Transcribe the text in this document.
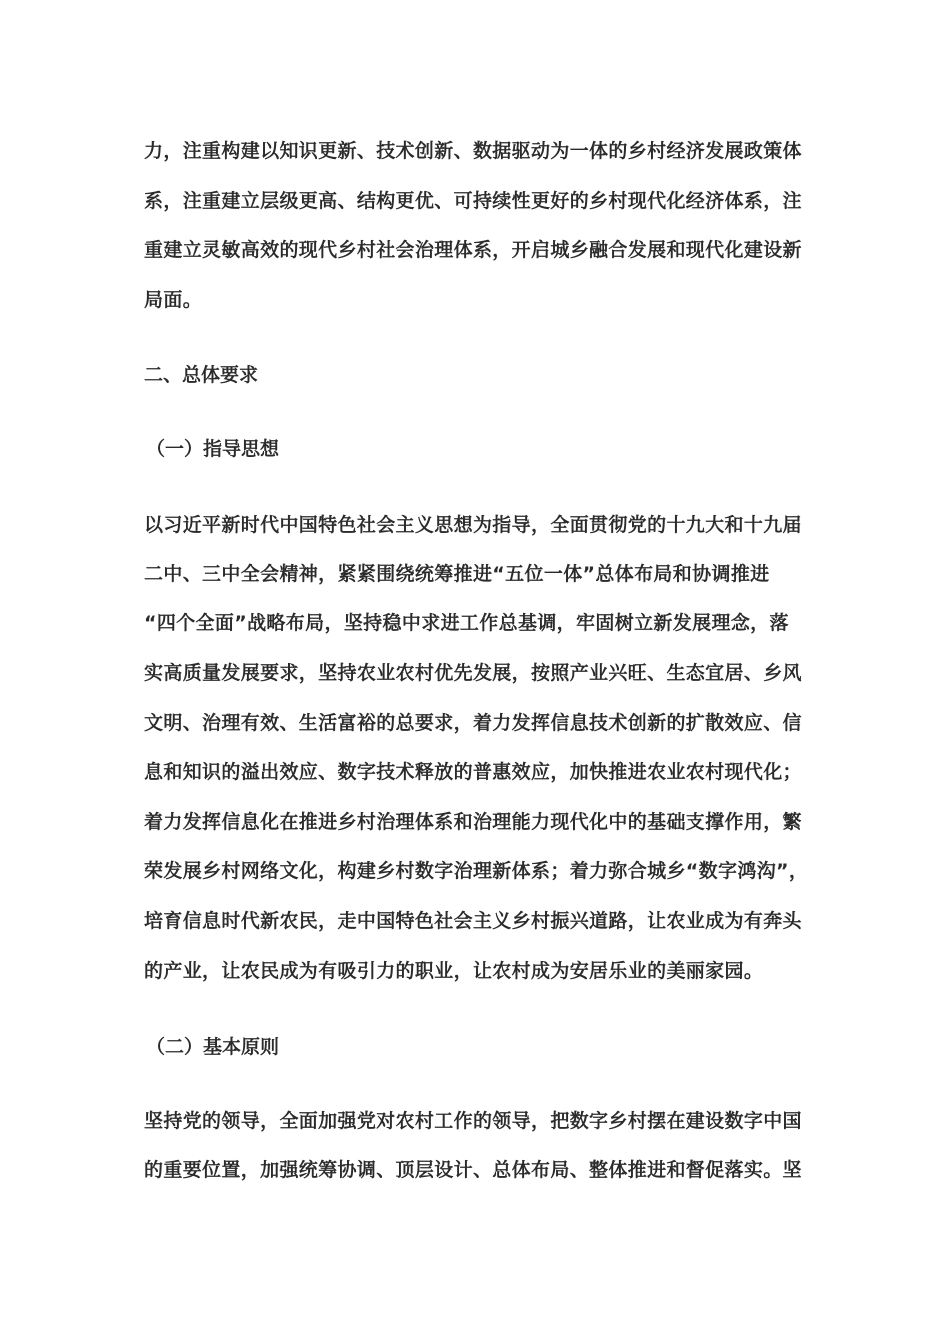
力，注重构建以知识更新、技术创新、数据驱动为一体的乡村经济发展政策体
系，注重建立层级更高、结构更优、可持续性更好的乡村现代化经济体系，注
重建立灵敏高效的现代乡村社会治理体系，开启城乡融合发展和现代化建设新
局面。
二、总体要求
（一）指导思想
以习近平新时代中国特色社会主义思想为指导，全面贯彻党的十九大和十九届
二中、三中全会精神，紧紧围绕统筹推进“五位一体”总体布局和协调推进
“四个全面”战略布局，坚持稳中求进工作总基调，牢固树立新发展理念，落
实高质量发展要求，坚持农业农村优先发展，按照产业兴旺、生态宜居、乡风
文明、治理有效、生活富裕的总要求，着力发挥信息技术创新的扩散效应、信
息和知识的溢出效应、数字技术释放的普惠效应，加快推进农业农村现代化；
着力发挥信息化在推进乡村治理体系和治理能力现代化中的基础支撑作用，繁
荣发展乡村网络文化，构建乡村数字治理新体系；着力弥合城乡“数字鸿沟”，
培育信息时代新农民，走中国特色社会主义乡村振兴道路，让农业成为有奔头
的产业，让农民成为有吸引力的职业，让农村成为安居乐业的美丽家园。
（二）基本原则
坚持党的领导，全面加强党对农村工作的领导，把数字乡村摆在建设数字中国
的重要位置，加强统筹协调、顶层设计、总体布局、整体推进和督促落实。坚
